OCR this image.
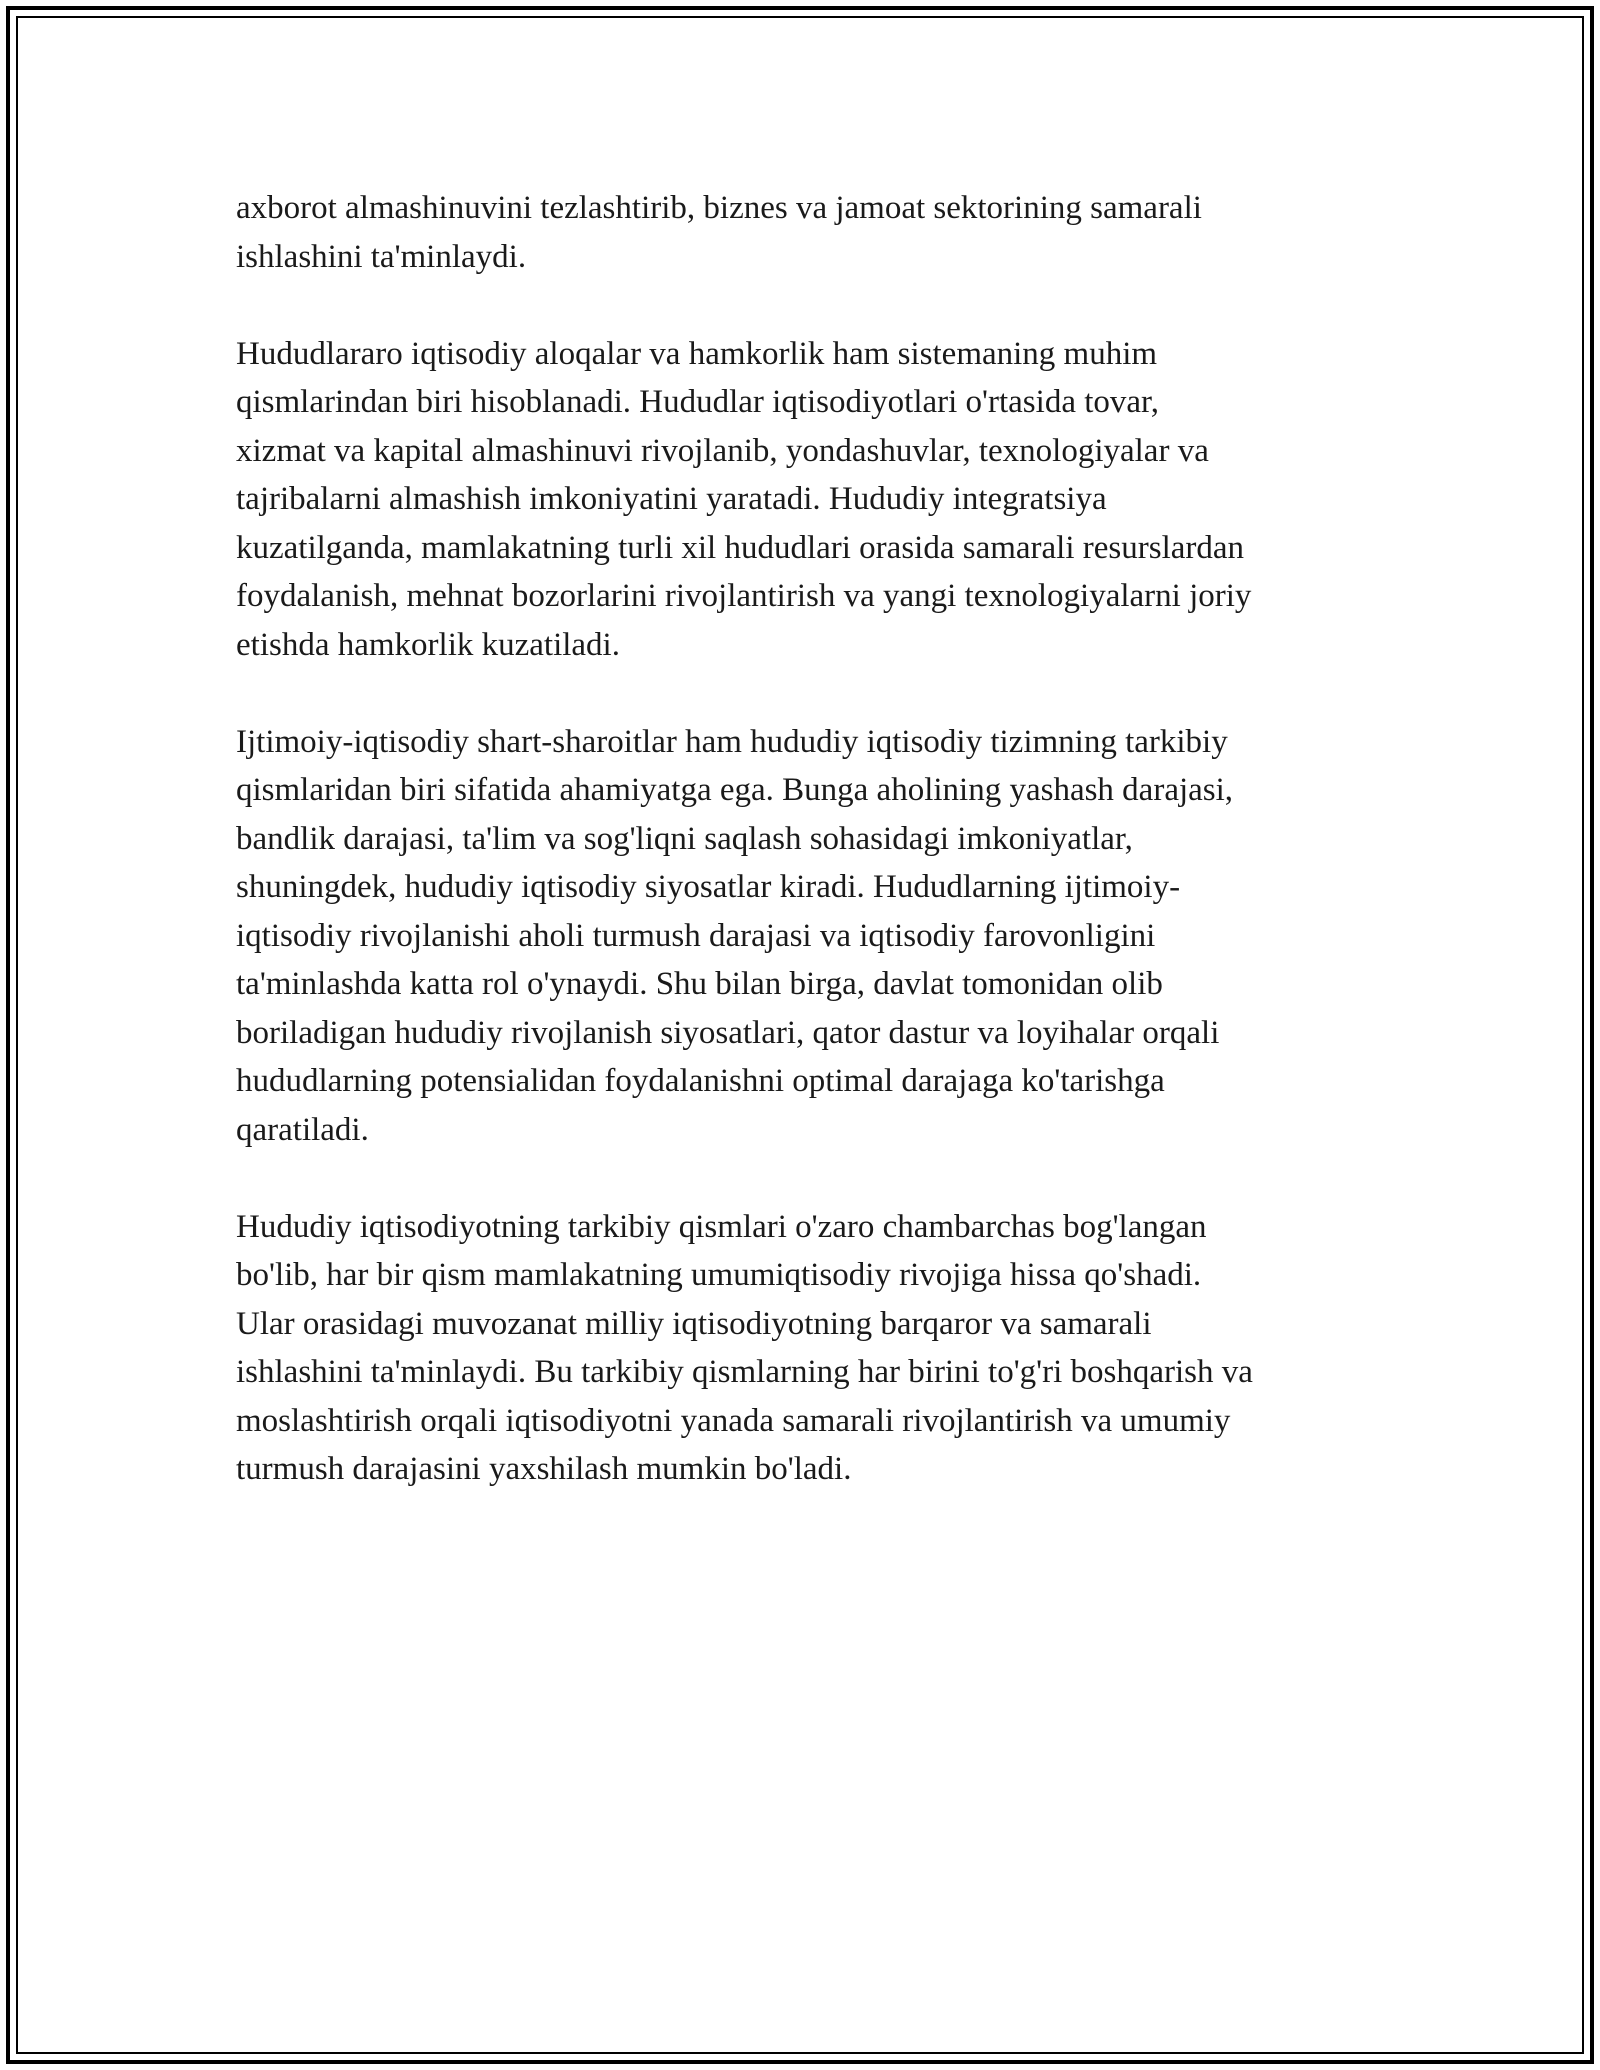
axborot almashinuvini tezlashtirib, biznes va jamoat sektorining samarali
ishlashini ta'minlaydi.

Hududlararo iqtisodiy aloqalar va hamkorlik ham sistemaning muhim
qismlarindan biri hisoblanadi. Hududlar iqtisodiyotlari o'rtasida tovar,
xizmat va kapital almashinuvi rivojlanib, yondashuvlar, texnologiyalar va
tajribalarni almashish imkoniyatini yaratadi. Hududiy integratsiya
kuzatilganda, mamlakatning turli xil hududlari orasida samarali resurslardan
foydalanish, mehnat bozorlarini rivojlantirish va yangi texnologiyalarni joriy
etishda hamkorlik kuzatiladi.

Ijtimoiy-iqtisodiy shart-sharoitlar ham hududiy iqtisodiy tizimning tarkibiy
qismlaridan biri sifatida ahamiyatga ega. Bunga aholining yashash darajasi,
bandlik darajasi, ta'lim va sog'liqni saqlash sohasidagi imkoniyatlar,
shuningdek, hududiy iqtisodiy siyosatlar kiradi. Hududlarning ijtimoiy-
iqtisodiy rivojlanishi aholi turmush darajasi va iqtisodiy farovonligini
ta'minlashda katta rol o'ynaydi. Shu bilan birga, davlat tomonidan olib
boriladigan hududiy rivojlanish siyosatlari, qator dastur va loyihalar orqali
hududlarning potensialidan foydalanishni optimal darajaga ko'tarishga
qaratiladi.

Hududiy iqtisodiyotning tarkibiy qismlari o'zaro chambarchas bog'langan
bo'lib, har bir qism mamlakatning umumiqtisodiy rivojiga hissa qo'shadi.
Ular orasidagi muvozanat milliy iqtisodiyotning barqaror va samarali
ishlashini ta'minlaydi. Bu tarkibiy qismlarning har birini to'g'ri boshqarish va
moslashtirish orqali iqtisodiyotni yanada samarali rivojlantirish va umumiy
turmush darajasini yaxshilash mumkin bo'ladi.
